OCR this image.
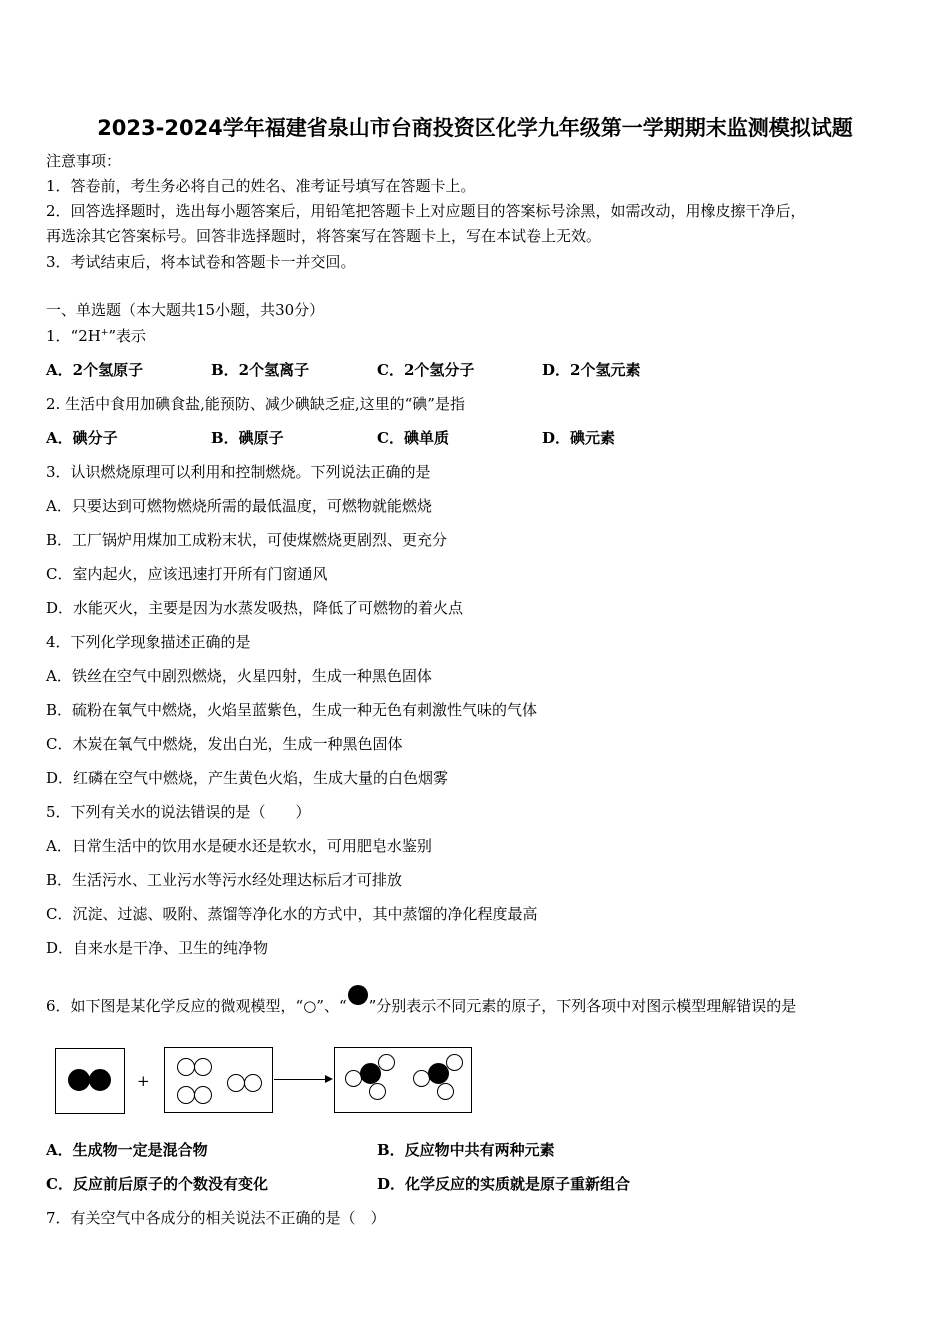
2023-2024学年福建省泉山市台商投资区化学九年级第一学期期末监测模拟试题
注意事项：
1．答卷前，考生务必将自己的姓名、准考证号填写在答题卡上。
2．回答选择题时，选出每小题答案后，用铅笔把答题卡上对应题目的答案标号涂黑，如需改动，用橡皮擦干净后，
再选涂其它答案标号。回答非选择题时，将答案写在答题卡上，写在本试卷上无效。
3．考试结束后，将本试卷和答题卡一并交回。
一、单选题（本大题共15小题，共30分）
1．“2H+”表示
A．2个氢原子	B．2个氢离子	C．2个氢分子	D．2个氢元素
2. 生活中食用加碘食盐,能预防、减少碘缺乏症,这里的“碘”是指
A．碘分子	B．碘原子	C．碘单质	D．碘元素
3．认识燃烧原理可以利用和控制燃烧。下列说法正确的是
A．只要达到可燃物燃烧所需的最低温度，可燃物就能燃烧
B．工厂锅炉用煤加工成粉末状，可使煤燃烧更剧烈、更充分
C．室内起火，应该迅速打开所有门窗通风
D．水能灭火，主要是因为水蒸发吸热，降低了可燃物的着火点
4．下列化学现象描述正确的是
A．铁丝在空气中剧烈燃烧，火星四射，生成一种黑色固体
B．硫粉在氧气中燃烧，火焰呈蓝紫色，生成一种无色有刺激性气味的气体
C．木炭在氧气中燃烧，发出白光，生成一种黑色固体
D．红磷在空气中燃烧，产生黄色火焰，生成大量的白色烟雾
5．下列有关水的说法错误的是（　　）
A．日常生活中的饮用水是硬水还是软水，可用肥皂水鉴别
B．生活污水、工业污水等污水经处理达标后才可排放
C．沉淀、过滤、吸附、蒸馏等净化水的方式中，其中蒸馏的净化程度最高
D．自来水是干净、卫生的纯净物
6．如下图是某化学反应的微观模型，“○”、“ ”分别表示不同元素的原子，下列各项中对图示模型理解错误的是
+
A．生成物一定是混合物	B．反应物中共有两种元素
C．反应前后原子的个数没有变化	D．化学反应的实质就是原子重新组合
7．有关空气中各成分的相关说法不正确的是（　）
